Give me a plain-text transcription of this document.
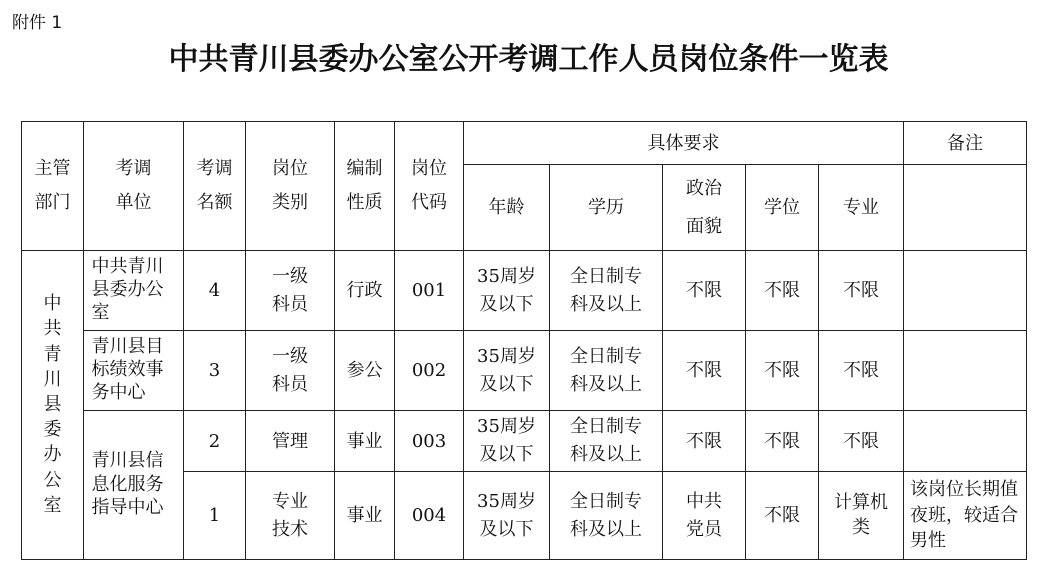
附件 1
中共青川县委办公室公开考调工作人员岗位条件一览表
主管部门	考调单位	考调名额	岗位类别	编制性质	岗位代码	具体要求					备注
						年龄	学历	政治面貌	学位	专业	
中共青川县委办公室	中共青川县委办公室	4	一级科员	行政	001	35周岁及以下	全日制专科及以上	不限	不限	不限	
	青川县目标绩效事务中心	3	一级科员	参公	002	35周岁及以下	全日制专科及以上	不限	不限	不限	
	青川县信息化服务指导中心	2	管理	事业	003	35周岁及以下	全日制专科及以上	不限	不限	不限	
		1	专业技术	事业	004	35周岁及以下	全日制专科及以上	中共党员	不限	计算机类	该岗位长期值夜班，较适合男性
